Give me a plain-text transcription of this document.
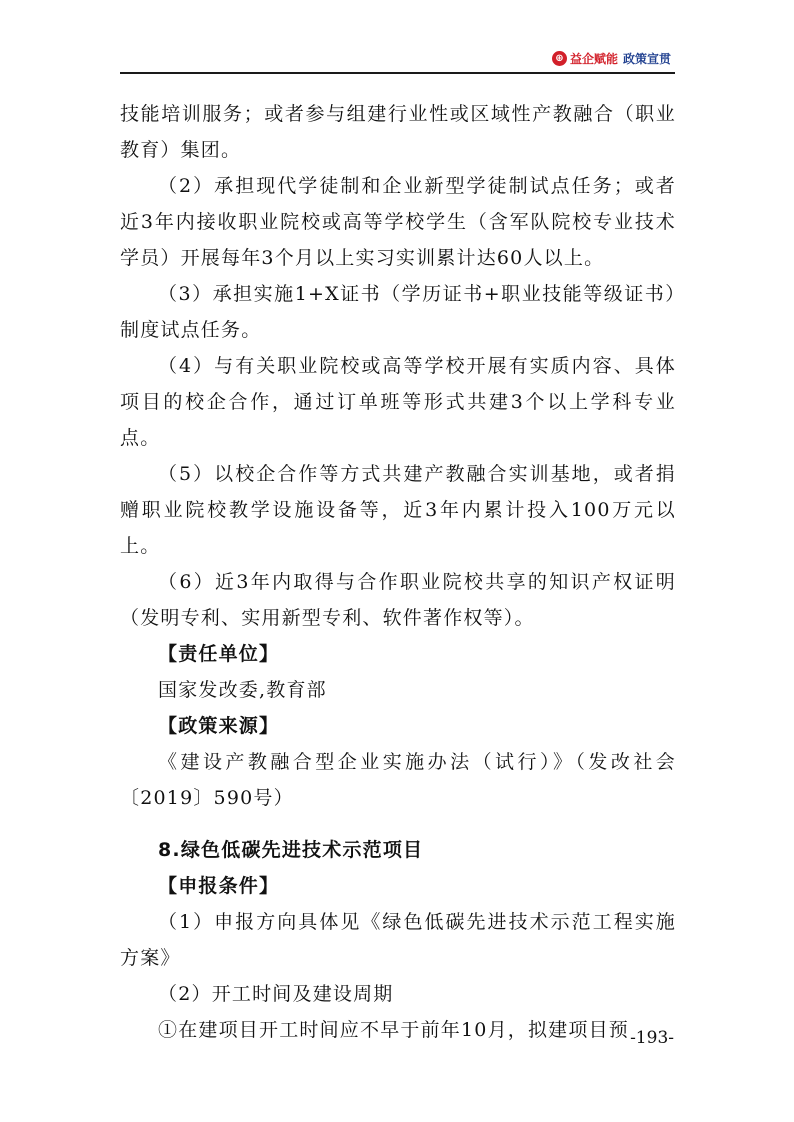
⊕ 益企赋能 政策宣贯

技能培训服务；或者参与组建行业性或区域性产教融合（职业教育）集团。

（2）承担现代学徒制和企业新型学徒制试点任务；或者近3年内接收职业院校或高等学校学生（含军队院校专业技术学员）开展每年3个月以上实习实训累计达60人以上。

（3）承担实施1+X证书（学历证书+职业技能等级证书）制度试点任务。

（4）与有关职业院校或高等学校开展有实质内容、具体项目的校企合作，通过订单班等形式共建3个以上学科专业点。

（5）以校企合作等方式共建产教融合实训基地，或者捐赠职业院校教学设施设备等，近3年内累计投入100万元以上。

（6）近3年内取得与合作职业院校共享的知识产权证明（发明专利、实用新型专利、软件著作权等）。

【责任单位】

国家发改委,教育部

【政策来源】

《建设产教融合型企业实施办法（试行）》（发改社会〔2019〕590号）

8.绿色低碳先进技术示范项目

【申报条件】

（1）申报方向具体见《绿色低碳先进技术示范工程实施方案》

（2）开工时间及建设周期

①在建项目开工时间应不早于前年10月，拟建项目预 -193-
